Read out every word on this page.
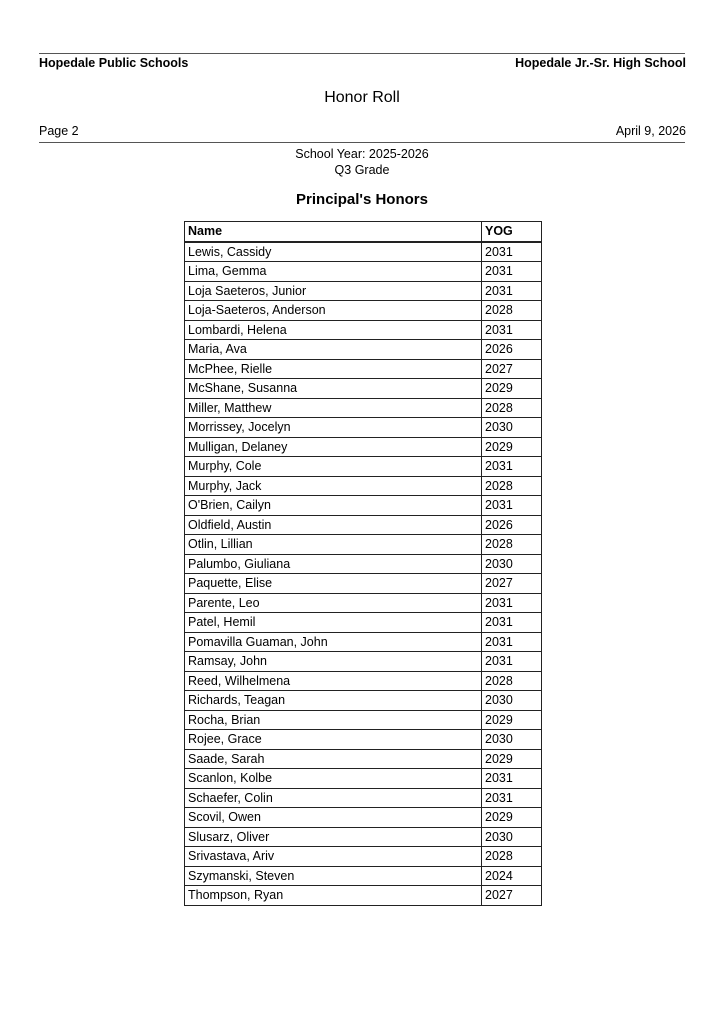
Hopedale Public Schools	Hopedale Jr.-Sr. High School
Honor Roll
Page 2	April 9, 2026
School Year: 2025-2026
Q3 Grade
Principal's Honors
Name	YOG
Lewis, Cassidy	2031
Lima, Gemma	2031
Loja Saeteros, Junior	2031
Loja-Saeteros, Anderson	2028
Lombardi, Helena	2031
Maria, Ava	2026
McPhee, Rielle	2027
McShane, Susanna	2029
Miller, Matthew	2028
Morrissey, Jocelyn	2030
Mulligan, Delaney	2029
Murphy, Cole	2031
Murphy, Jack	2028
O'Brien, Cailyn	2031
Oldfield, Austin	2026
Otlin, Lillian	2028
Palumbo, Giuliana	2030
Paquette, Elise	2027
Parente, Leo	2031
Patel, Hemil	2031
Pomavilla Guaman, John	2031
Ramsay, John	2031
Reed, Wilhelmena	2028
Richards, Teagan	2030
Rocha, Brian	2029
Rojee, Grace	2030
Saade, Sarah	2029
Scanlon, Kolbe	2031
Schaefer, Colin	2031
Scovil, Owen	2029
Slusarz, Oliver	2030
Srivastava, Ariv	2028
Szymanski, Steven	2024
Thompson, Ryan	2027
